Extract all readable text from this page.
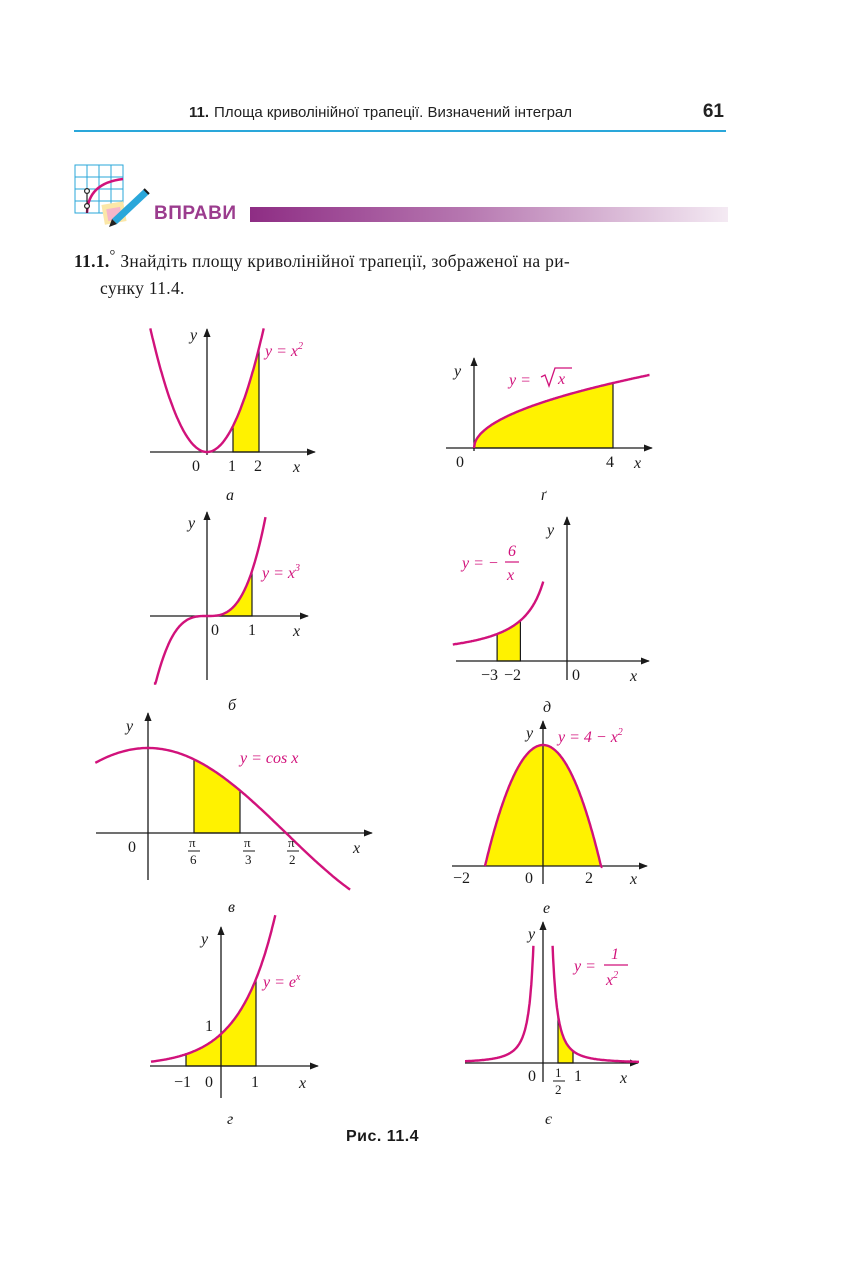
11. Площа криволінійної трапеції. Визначений інтеграл	61
ВПРАВИ
11.1.° Знайдіть площу криволінійної трапеції, зображеної на ри-
сунку 11.4.
y
x
0 1 2
$y = x^2$
а
y
x
0 1
$y = x^3$
б
y
x
0	π
6
π
3
π
2
y = cos x
в
y
x
−1 0 1
1
$y = e^x$
г
y
x
0	4
y = x
ґ
y
x
−3 −2	0
y = −
6
x
д
y
x
−2	0	2
$y = 4 - x^2$
е
y
x
0 1
2
1
y =
1
$x^2$
є
Рис. 11.4
